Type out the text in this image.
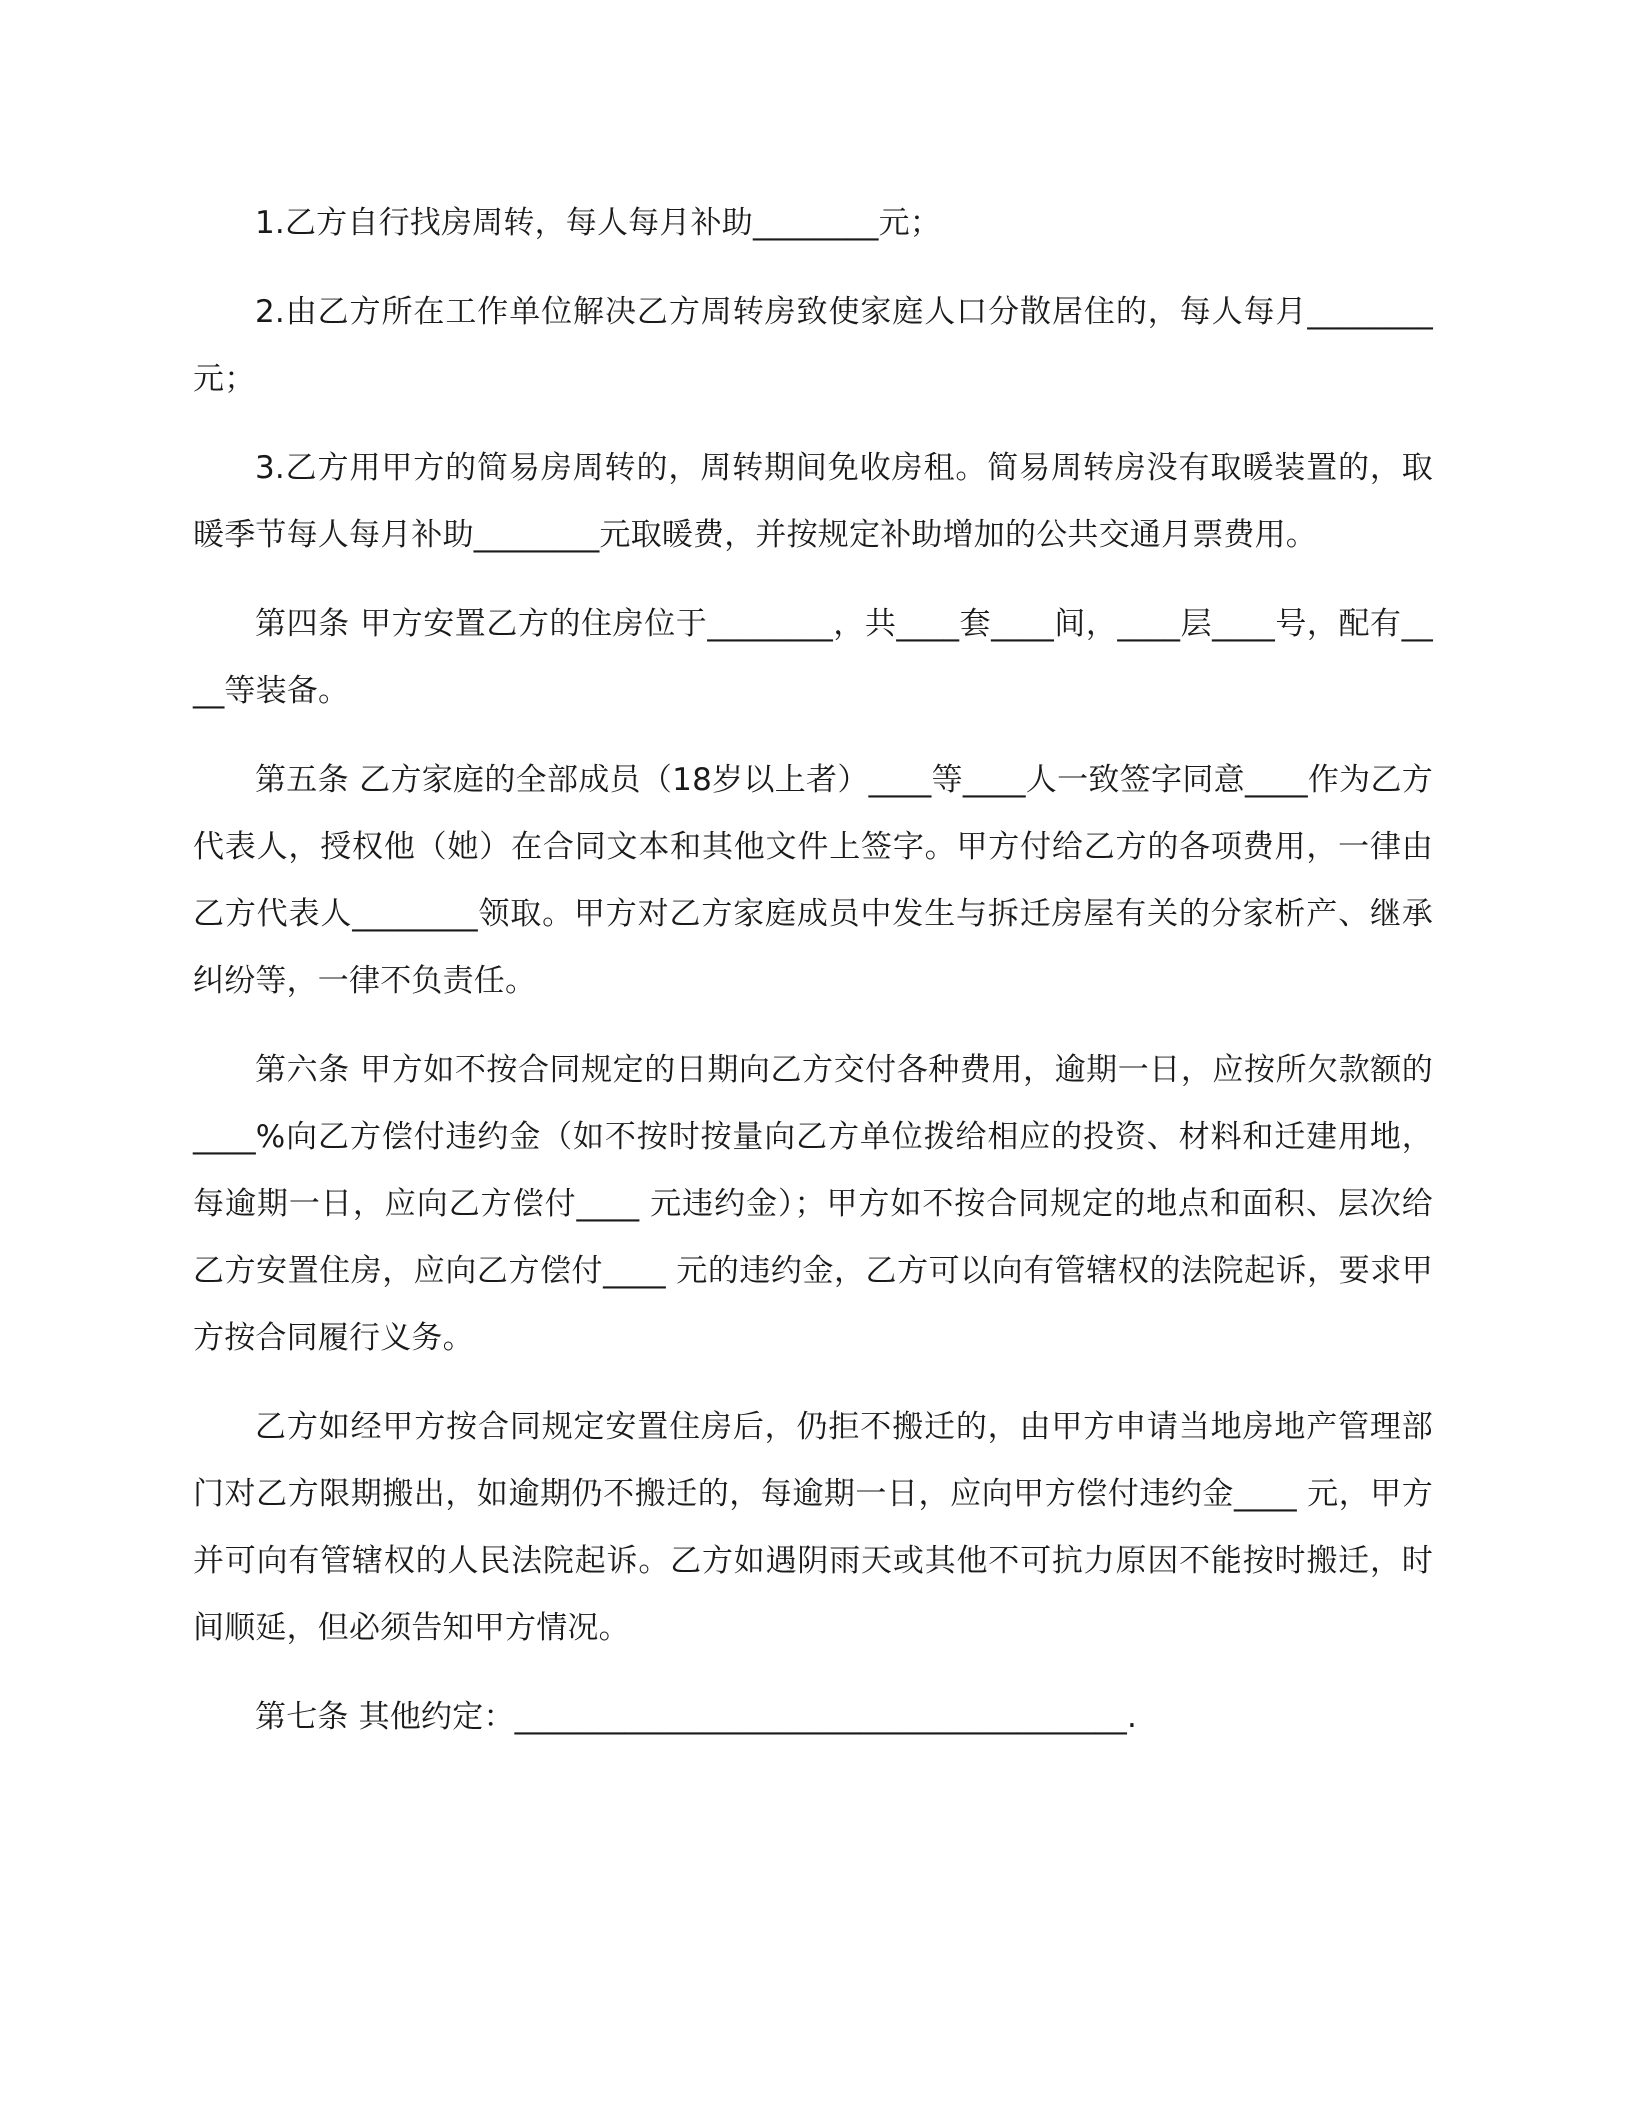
1.乙方自行找房周转，每人每月补助________元；

2.由乙方所在工作单位解决乙方周转房致使家庭人口分散居住的，每人每月________元；

3.乙方用甲方的简易房周转的，周转期间免收房租。简易周转房没有取暖装置的，取暖季节每人每月补助________元取暖费，并按规定补助增加的公共交通月票费用。

第四条 甲方安置乙方的住房位于________，共____套____间，____层____号，配有____等装备。

第五条 乙方家庭的全部成员（18岁以上者）____等____人一致签字同意____作为乙方代表人，授权他（她）在合同文本和其他文件上签字。甲方付给乙方的各项费用，一律由乙方代表人________领取。甲方对乙方家庭成员中发生与拆迁房屋有关的分家析产、继承纠纷等，一律不负责任。

第六条 甲方如不按合同规定的日期向乙方交付各种费用，逾期一日，应按所欠款额的____%向乙方偿付违约金（如不按时按量向乙方单位拨给相应的投资、材料和迁建用地，每逾期一日，应向乙方偿付____ 元违约金）；甲方如不按合同规定的地点和面积、层次给乙方安置住房，应向乙方偿付____ 元的违约金，乙方可以向有管辖权的法院起诉，要求甲方按合同履行义务。

乙方如经甲方按合同规定安置住房后，仍拒不搬迁的，由甲方申请当地房地产管理部门对乙方限期搬出，如逾期仍不搬迁的，每逾期一日，应向甲方偿付违约金____ 元，甲方并可向有管辖权的人民法院起诉。乙方如遇阴雨天或其他不可抗力原因不能按时搬迁，时间顺延，但必须告知甲方情况。

第七条 其他约定：_______________________________________.
